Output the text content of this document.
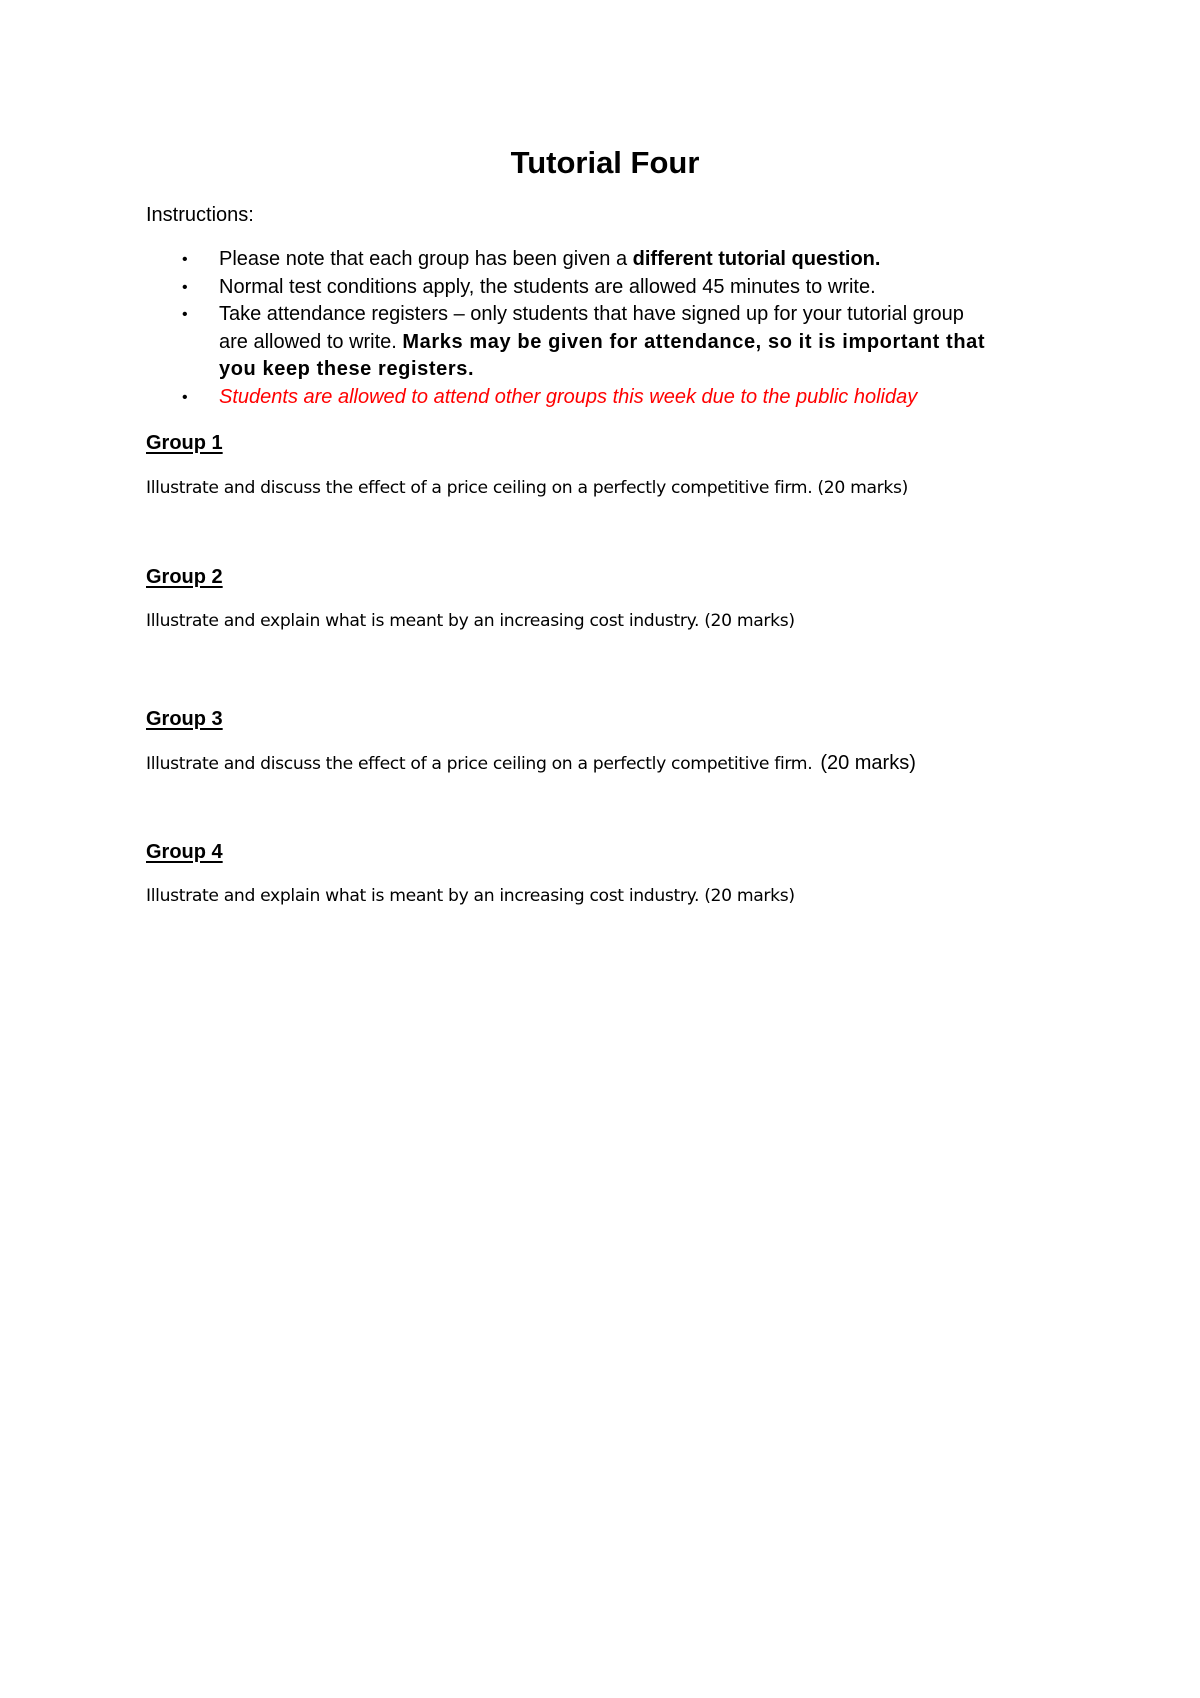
Tutorial Four
Instructions:
• Please note that each group has been given a different tutorial question.
• Normal test conditions apply, the students are allowed 45 minutes to write.
• Take attendance registers – only students that have signed up for your tutorial group
are allowed to write. Marks may be given for attendance, so it is important that
you keep these registers.
• Students are allowed to attend other groups this week due to the public holiday
Group 1
Illustrate and discuss the effect of a price ceiling on a perfectly competitive firm. (20 marks)
Group 2
Illustrate and explain what is meant by an increasing cost industry. (20 marks)
Group 3
Illustrate and discuss the effect of a price ceiling on a perfectly competitive firm. (20 marks)
Group 4
Illustrate and explain what is meant by an increasing cost industry. (20 marks)
